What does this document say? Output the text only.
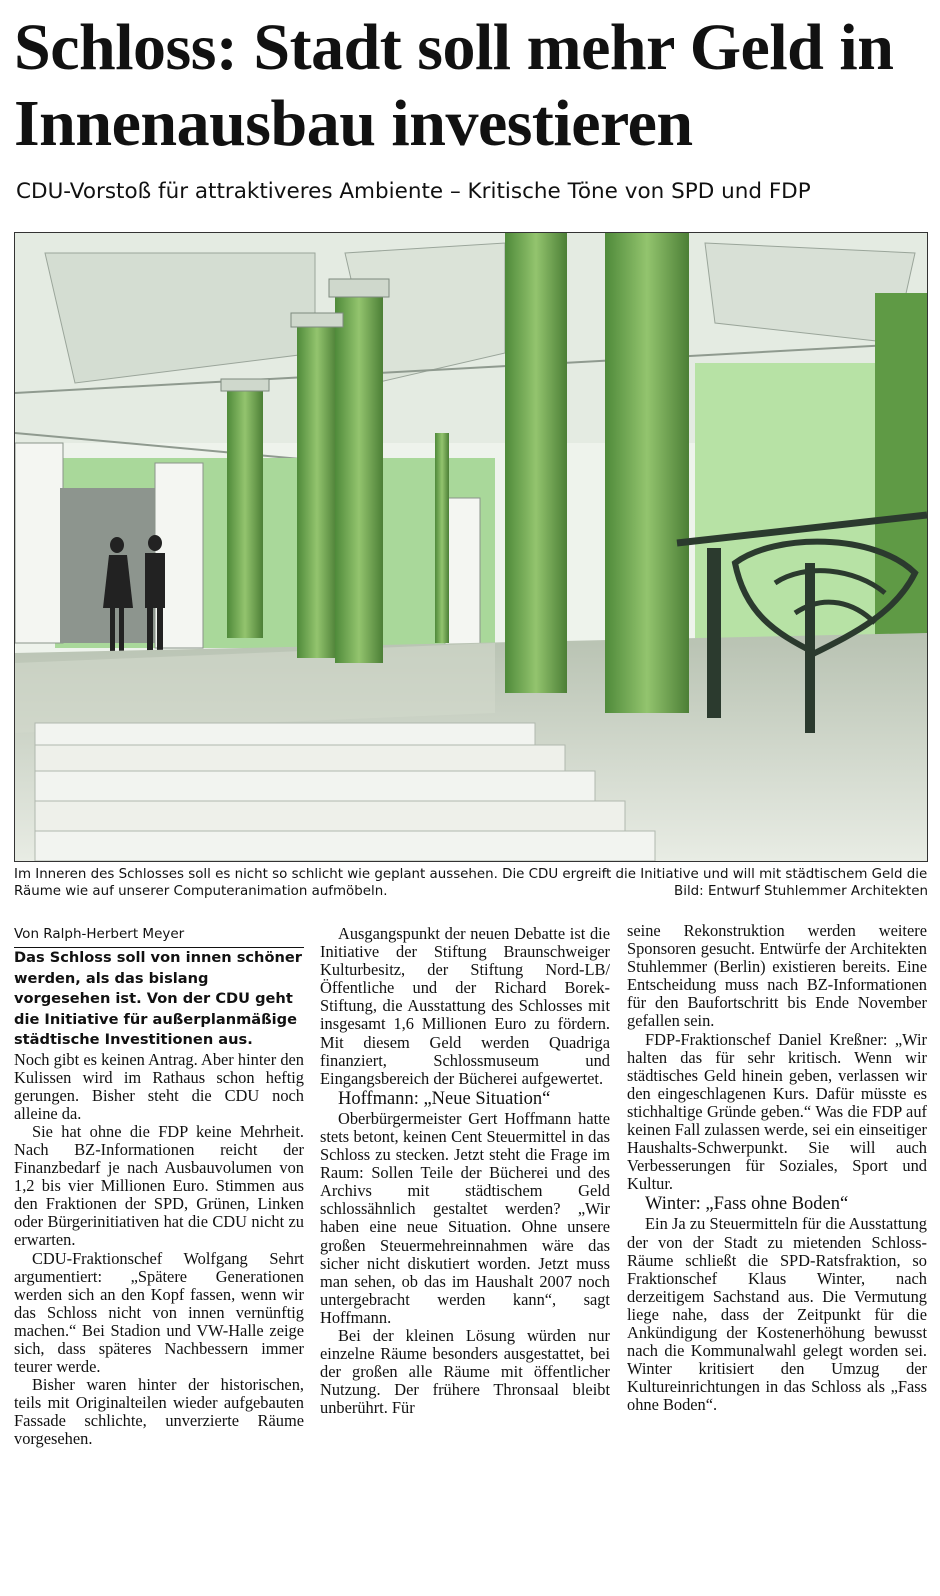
Schloss: Stadt soll mehr Geld in Innenausbau investieren

CDU-Vorstoß für attraktiveres Ambiente – Kritische Töne von SPD und FDP

Im Inneren des Schlosses soll es nicht so schlicht wie geplant aussehen. Die CDU ergreift die Initiative und will mit städtischem Geld die Räume wie auf unserer Computeranimation aufmöbeln.	Bild: Entwurf Stuhlemmer Architekten

Von Ralph-Herbert Meyer

Das Schloss soll von innen schöner werden, als das bislang vorgesehen ist. Von der CDU geht die Initiative für außerplanmäßige städtische Investitionen aus.

Noch gibt es keinen Antrag. Aber hinter den Kulissen wird im Rathaus schon heftig gerungen. Bisher steht die CDU noch alleine da.

Sie hat ohne die FDP keine Mehrheit. Nach BZ-Informationen reicht der Finanzbedarf je nach Ausbauvolumen von 1,2 bis vier Millionen Euro. Stimmen aus den Fraktionen der SPD, Grünen, Linken oder Bürgerinitiativen hat die CDU nicht zu erwarten.

CDU-Fraktionschef Wolfgang Sehrt argumentiert: „Spätere Generationen werden sich an den Kopf fassen, wenn wir das Schloss nicht von innen vernünftig machen.“ Bei Stadion und VW-Halle zeige sich, dass späteres Nachbessern immer teurer werde.

Bisher waren hinter der historischen, teils mit Originalteilen wieder aufgebauten Fassade schlichte, unverzierte Räume vorgesehen.

Ausgangspunkt der neuen Debatte ist die Initiative der Stiftung Braunschweiger Kulturbesitz, der Stiftung Nord-LB/Öffentliche und der Richard Borek-Stiftung, die Ausstattung des Schlosses mit insgesamt 1,6 Millionen Euro zu fördern. Mit diesem Geld werden Quadriga finanziert, Schlossmuseum und Eingangsbereich der Bücherei aufgewertet.

Hoffmann: „Neue Situation“

Oberbürgermeister Gert Hoffmann hatte stets betont, keinen Cent Steuermittel in das Schloss zu stecken. Jetzt steht die Frage im Raum: Sollen Teile der Bücherei und des Archivs mit städtischem Geld schlossähnlich gestaltet werden? „Wir haben eine neue Situation. Ohne unsere großen Steuermehreinnahmen wäre das sicher nicht diskutiert worden. Jetzt muss man sehen, ob das im Haushalt 2007 noch untergebracht werden kann“, sagt Hoffmann.

Bei der kleinen Lösung würden nur einzelne Räume besonders ausgestattet, bei der großen alle Räume mit öffentlicher Nutzung. Der frühere Thronsaal bleibt unberührt. Für

seine Rekonstruktion werden weitere Sponsoren gesucht. Entwürfe der Architekten Stuhlemmer (Berlin) existieren bereits. Eine Entscheidung muss nach BZ-Informationen für den Baufortschritt bis Ende November gefallen sein.

FDP-Fraktionschef Daniel Kreßner: „Wir halten das für sehr kritisch. Wenn wir städtisches Geld hinein geben, verlassen wir den eingeschlagenen Kurs. Dafür müsste es stichhaltige Gründe geben.“ Was die FDP auf keinen Fall zulassen werde, sei ein einseitiger Haushalts-Schwerpunkt. Sie will auch Verbesserungen für Soziales, Sport und Kultur.

Winter: „Fass ohne Boden“

Ein Ja zu Steuermitteln für die Ausstattung der von der Stadt zu mietenden Schloss-Räume schließt die SPD-Ratsfraktion, so Fraktionschef Klaus Winter, nach derzeitigem Sachstand aus. Die Vermutung liege nahe, dass der Zeitpunkt für die Ankündigung der Kostenerhöhung bewusst nach die Kommunalwahl gelegt worden sei. Winter kritisiert den Umzug der Kultureinrichtungen in das Schloss als „Fass ohne Boden“.
